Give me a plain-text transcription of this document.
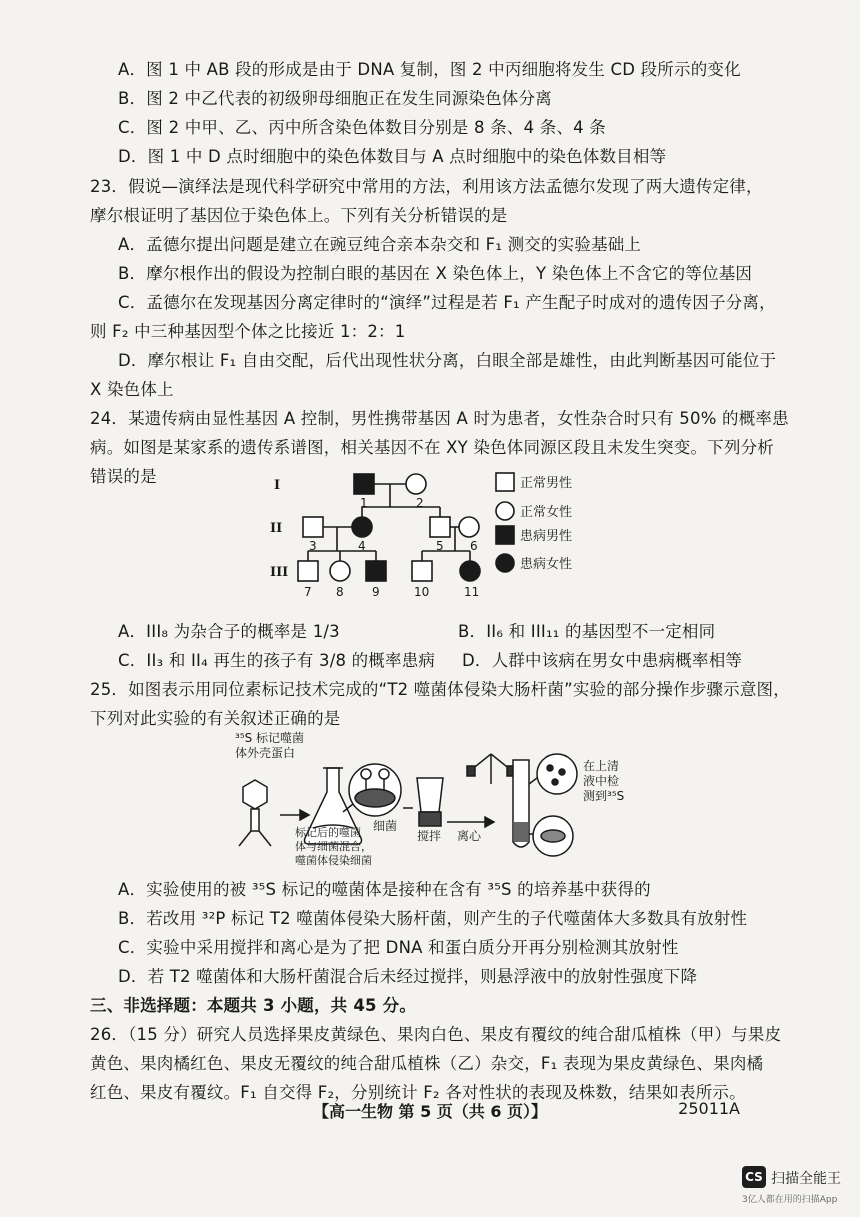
A．图 1 中 AB 段的形成是由于 DNA 复制，图 2 中丙细胞将发生 CD 段所示的变化
B．图 2 中乙代表的初级卵母细胞正在发生同源染色体分离
C．图 2 中甲、乙、丙中所含染色体数目分别是 8 条、4 条、4 条
D．图 1 中 D 点时细胞中的染色体数目与 A 点时细胞中的染色体数目相等
23．假说—演绎法是现代科学研究中常用的方法，利用该方法孟德尔发现了两大遗传定律，
摩尔根证明了基因位于染色体上。下列有关分析错误的是
A．孟德尔提出问题是建立在豌豆纯合亲本杂交和 F₁ 测交的实验基础上
B．摩尔根作出的假设为控制白眼的基因在 X 染色体上，Y 染色体上不含它的等位基因
C．孟德尔在发现基因分离定律时的“演绎”过程是若 F₁ 产生配子时成对的遗传因子分离，
则 F₂ 中三种基因型个体之比接近 1：2：1
D．摩尔根让 F₁ 自由交配，后代出现性状分离，白眼全部是雄性，由此判断基因可能位于
X 染色体上
24．某遗传病由显性基因 A 控制，男性携带基因 A 时为患者，女性杂合时只有 50% 的概率患
病。如图是某家系的遗传系谱图，相关基因不在 XY 染色体同源区段且未发生突变。下列分析
错误的是	I
II
III
1	2
3	4	5 6
7 8 9	10	11
正常男性
正常女性
患病男性
患病女性
A．III₈ 为杂合子的概率是 1/3	B．II₆ 和 III₁₁ 的基因型不一定相同
C．II₃ 和 II₄ 再生的孩子有 3/8 的概率患病 D．人群中该病在男女中患病概率相等
25．如图表示用同位素标记技术完成的“T2 噬菌体侵染大肠杆菌”实验的部分操作步骤示意图，
下列对此实验的有关叙述正确的是
³⁵S 标记噬菌
体外壳蛋白
标记后的噬菌
体与细菌混合，
噬菌体侵染细菌
细菌
搅拌 离心
在上清
液中检
测到³⁵S
A．实验使用的被 ³⁵S 标记的噬菌体是接种在含有 ³⁵S 的培养基中获得的
B．若改用 ³²P 标记 T2 噬菌体侵染大肠杆菌，则产生的子代噬菌体大多数具有放射性
C．实验中采用搅拌和离心是为了把 DNA 和蛋白质分开再分别检测其放射性
D．若 T2 噬菌体和大肠杆菌混合后未经过搅拌，则悬浮液中的放射性强度下降
三、非选择题：本题共 3 小题，共 45 分。
26．（15 分）研究人员选择果皮黄绿色、果肉白色、果皮有覆纹的纯合甜瓜植株（甲）与果皮
黄色、果肉橘红色、果皮无覆纹的纯合甜瓜植株（乙）杂交，F₁ 表现为果皮黄绿色、果肉橘
红色、果皮有覆纹。F₁ 自交得 F₂，分别统计 F₂ 各对性状的表现及株数，结果如表所示。
【高一生物 第 5 页（共 6 页）】	25011A
CS 扫描全能王
3亿人都在用的扫描App
